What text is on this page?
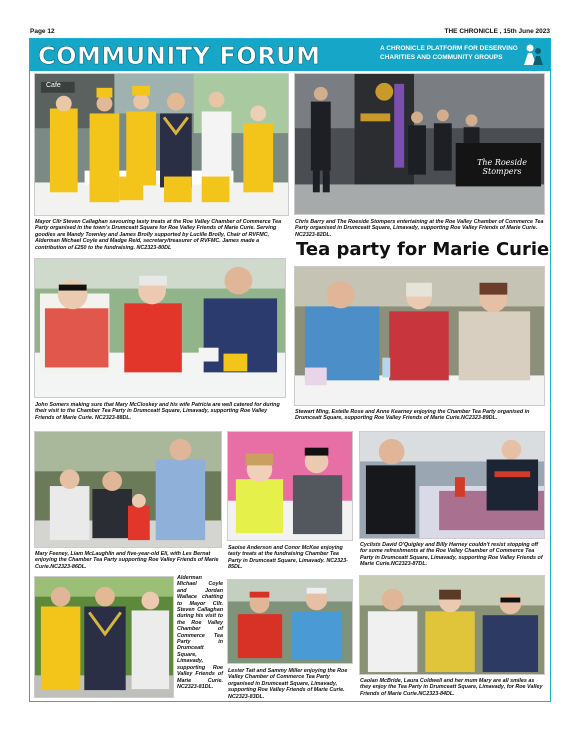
Page 12	THE CHRONICLE , 15th June 2023
COMMUNITY FORUM	A CHRONICLE PLATFORM FOR DESERVING CHARITIES AND COMMUNITY GROUPS
Cafe
Mayor Cllr Steven Callaghan savouring tasty treats at the Roe Valley Chamber of Commerce Tea Party organised in the town's Drumceatt Square for Roe Valley Friends of Marie Curie. Serving goodies are Mandy Townley and James Brolly supported by Lucille Brolly, Chair of RVFMC, Alderman Michael Coyle and Madge Reid, secretary/treasurer of RVFMC. James made a contribution of £250 to the fundraising. NC2323-80DL
The Roeside Stompers
Chris Barry and The Roeside Stompers entertaining at the Roe Valley Chamber of Commerce Tea Party organised in Drumceatt Square, Limavady, supporting Roe Valley Friends of Marie Curie. NC2323-82DL.
Tea party for Marie Curie
John Somers making sure that Mary McCloskey and his wife Patricia are well catered for during their visit to the Chamber Tea Party in Drumceatt Square, Limavady, supporting Roe Valley Friends of Marie Curie. NC2323-88DL.
Stewart Ming, Estelle Rose and Anne Kearney enjoying the Chamber Tea Party organised in Drumceatt Square, supporting Roe Valley Friends of Marie Curie.NC2323-89DL.
Mary Feeney, Liam McLaughlin and five-year-old Eli, with Les Bernat enjoying the Chamber Tea Party supporting Roe Valley Friends of Marie Curie.NC2323-86DL.
Saoise Anderson and Conor McKee enjoying tasty treats at the fundraising Chamber Tea Party in Drumceatt Square, Limavady. NC2323-85DL.
Cyclists David O'Quigley and Billy Harney couldn't resist stopping off for some refreshments at the Roe Valley Chamber of Commerce Tea Party in Drumceatt Square, Limavady, supporting Roe Valley Friends of Marie Curie.NC2323-87DL.
Alderman Michael Coyle and Jordan Wallace chatting to Mayor Cllr. Steven Callaghan during his visit to the Roe Valley Chamber of Commerce Tea Party in Drumceatt Square, Limavady, supporting Roe Valley Friends of Marie Curie. NC2323-81DL.
Lester Tait and Sammy Miller enjoying the Roe Valley Chamber of Commerce Tea Party organised in Drumceatt Square, Limavady, supporting Roe Valley Friends of Marie Curie. NC2323-83DL.
Caolan McBride, Laura Coldwell and her mum Mary are all smiles as they enjoy the Tea Party in Drumceatt Square, Limavady, for Roe Valley Friends of Marie Curie.NC2323-84DL.
